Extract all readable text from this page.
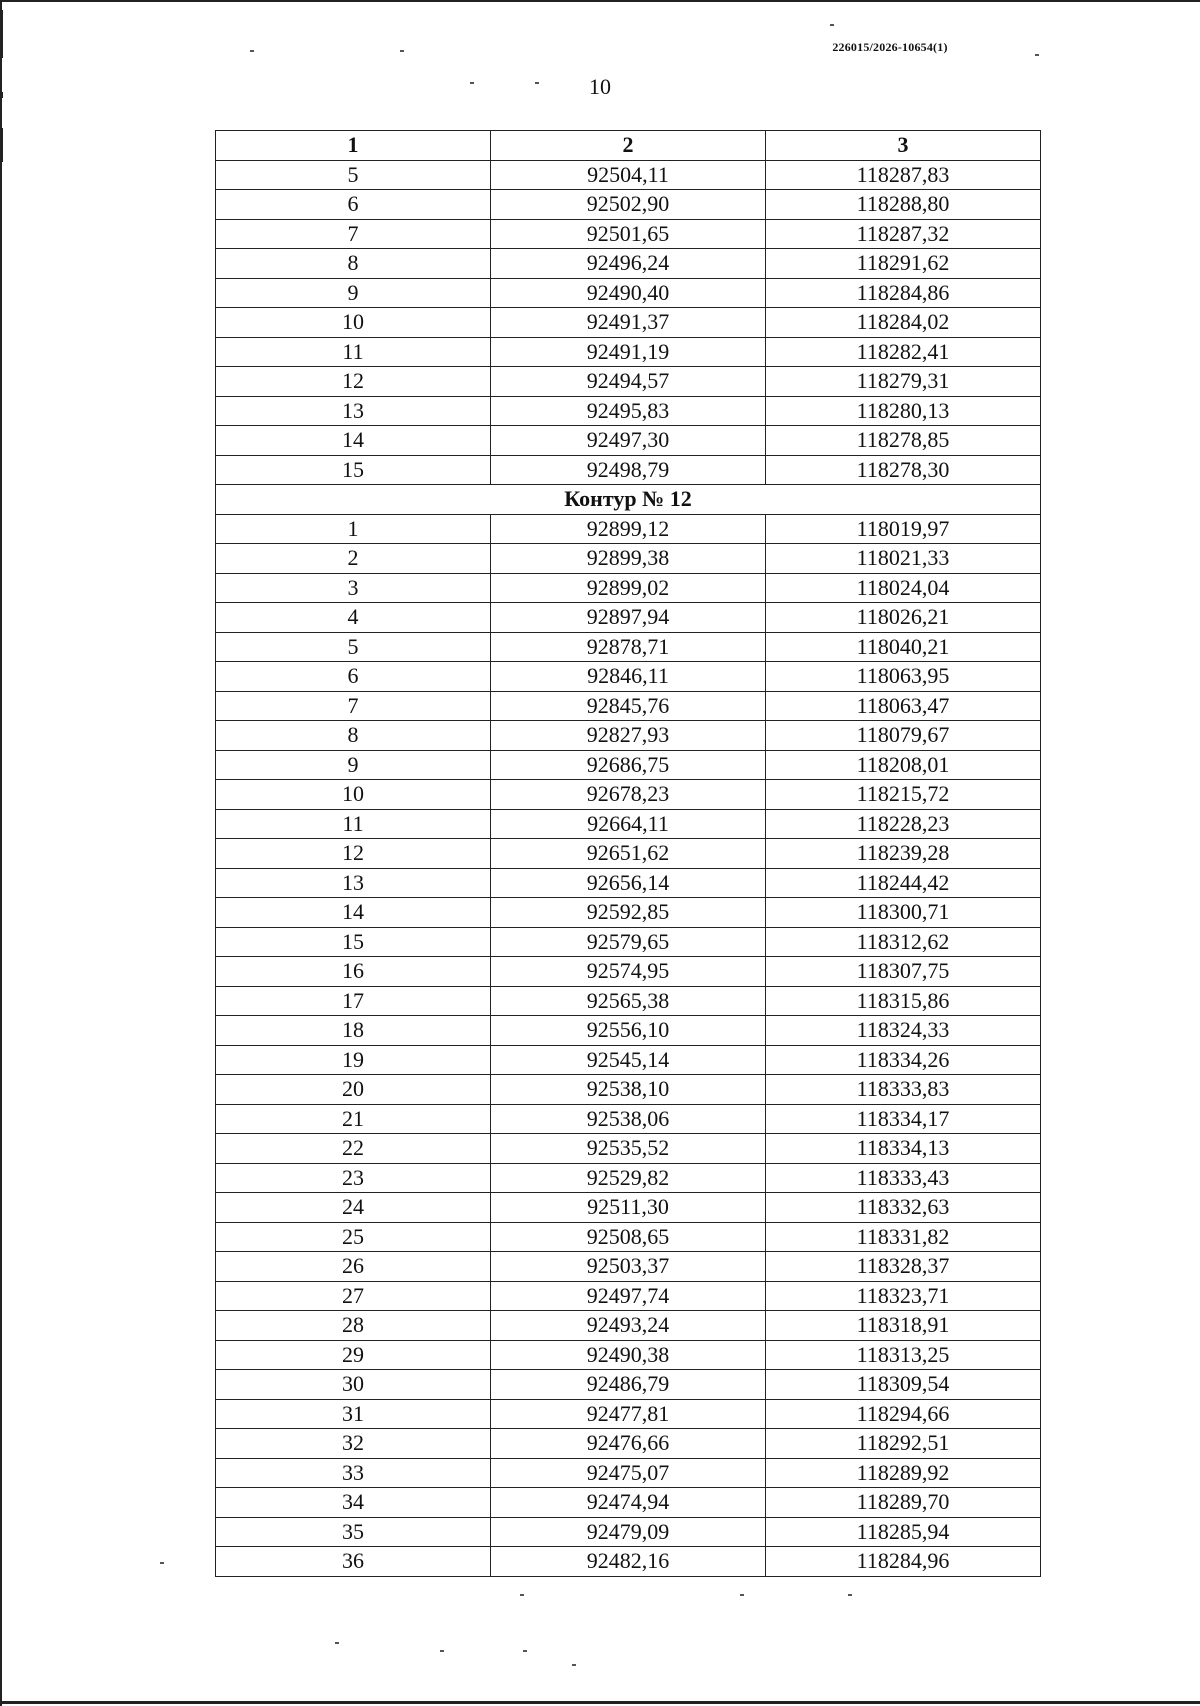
226015/2026-10654(1)
10
1	2	3
5	92504,11	118287,83
6	92502,90	118288,80
7	92501,65	118287,32
8	92496,24	118291,62
9	92490,40	118284,86
10	92491,37	118284,02
11	92491,19	118282,41
12	92494,57	118279,31
13	92495,83	118280,13
14	92497,30	118278,85
15	92498,79	118278,30
Контур № 12		
1	92899,12	118019,97
2	92899,38	118021,33
3	92899,02	118024,04
4	92897,94	118026,21
5	92878,71	118040,21
6	92846,11	118063,95
7	92845,76	118063,47
8	92827,93	118079,67
9	92686,75	118208,01
10	92678,23	118215,72
11	92664,11	118228,23
12	92651,62	118239,28
13	92656,14	118244,42
14	92592,85	118300,71
15	92579,65	118312,62
16	92574,95	118307,75
17	92565,38	118315,86
18	92556,10	118324,33
19	92545,14	118334,26
20	92538,10	118333,83
21	92538,06	118334,17
22	92535,52	118334,13
23	92529,82	118333,43
24	92511,30	118332,63
25	92508,65	118331,82
26	92503,37	118328,37
27	92497,74	118323,71
28	92493,24	118318,91
29	92490,38	118313,25
30	92486,79	118309,54
31	92477,81	118294,66
32	92476,66	118292,51
33	92475,07	118289,92
34	92474,94	118289,70
35	92479,09	118285,94
36	92482,16	118284,96
